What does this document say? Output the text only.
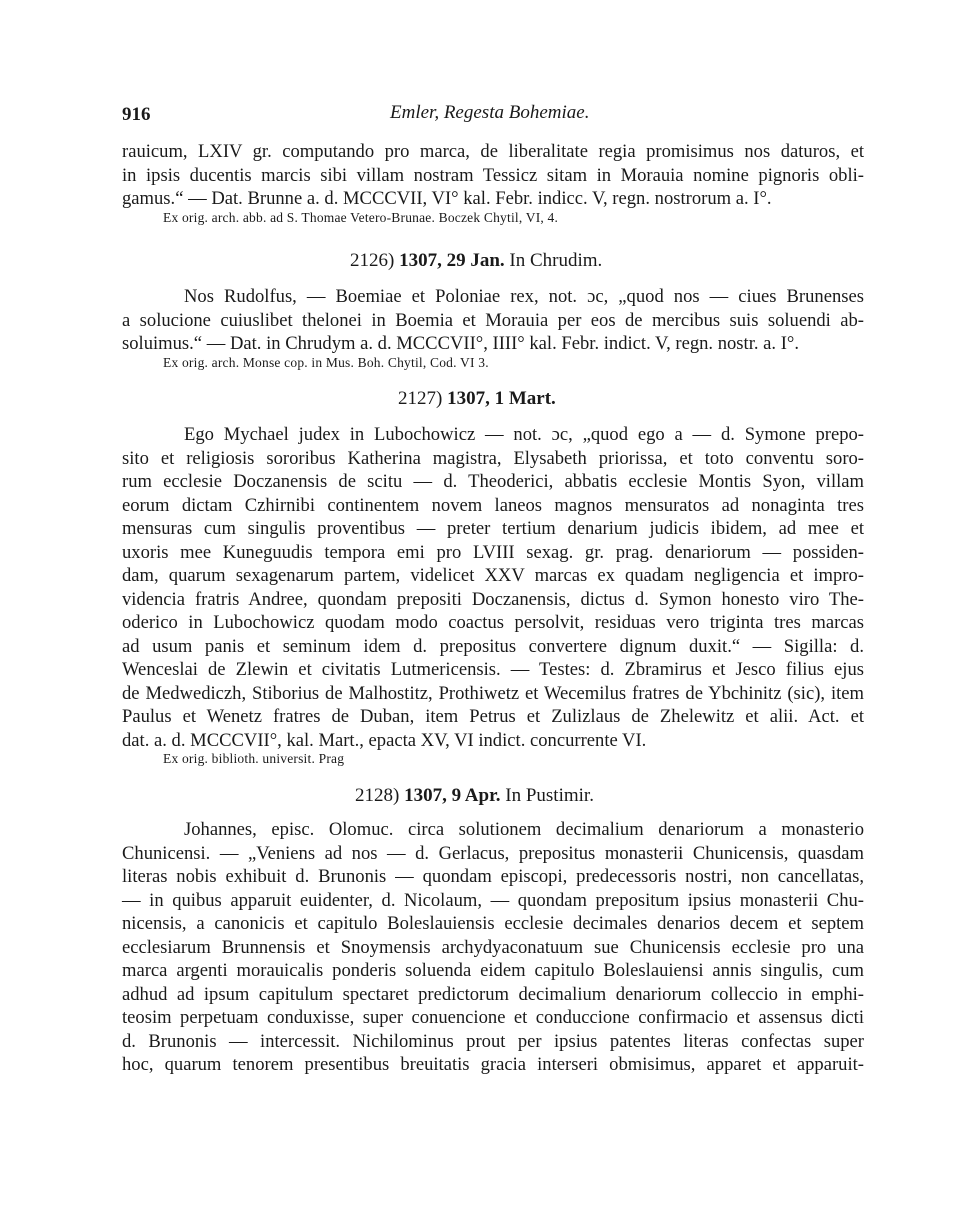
916	Emler, Regesta Bohemiae.
rauicum, LXIV gr. computando pro marca, de liberalitate regia promisimus nos daturos, et
in ipsis ducentis marcis sibi villam nostram Tessicz sitam in Morauia nomine pignoris obli-
gamus.“ — Dat. Brunne a. d. MCCCVII, VI° kal. Febr. indicc. V, regn. nostrorum a. I°.
Ex orig. arch. abb. ad S. Thomae Vetero-Brunae. Boczek Chytil, VI, 4.
2126) 1307, 29 Jan. In Chrudim.
Nos Rudolfus, — Boemiae et Poloniae rex, not. ɔc, „quod nos — ciues Brunenses
a solucione cuiuslibet thelonei in Boemia et Morauia per eos de mercibus suis soluendi ab-
soluimus.“ — Dat. in Chrudym a. d. MCCCVII°, IIII° kal. Febr. indict. V, regn. nostr. a. I°.
Ex orig. arch. Monse cop. in Mus. Boh. Chytil, Cod. VI 3.
2127) 1307, 1 Mart.
Ego Mychael judex in Lubochowicz — not. ɔc, „quod ego a — d. Symone prepo-
sito et religiosis sororibus Katherina magistra, Elysabeth priorissa, et toto conventu soro-
rum ecclesie Doczanensis de scitu — d. Theoderici, abbatis ecclesie Montis Syon, villam
eorum dictam Czhirnibi continentem novem laneos magnos mensuratos ad nonaginta tres
mensuras cum singulis proventibus — preter tertium denarium judicis ibidem, ad mee et
uxoris mee Kuneguudis tempora emi pro LVIII sexag. gr. prag. denariorum — possiden-
dam, quarum sexagenarum partem, videlicet XXV marcas ex quadam negligencia et impro-
videncia fratris Andree, quondam prepositi Doczanensis, dictus d. Symon honesto viro The-
oderico in Lubochowicz quodam modo coactus persolvit, residuas vero triginta tres marcas
ad usum panis et seminum idem d. prepositus convertere dignum duxit.“ — Sigilla: d.
Wenceslai de Zlewin et civitatis Lutmericensis. — Testes: d. Zbramirus et Jesco filius ejus
de Medwediczh, Stiborius de Malhostitz, Prothiwetz et Wecemilus fratres de Ybchinitz (sic), item
Paulus et Wenetz fratres de Duban, item Petrus et Zulizlaus de Zhelewitz et alii. Act. et
dat. a. d. MCCCVII°, kal. Mart., epacta XV, VI indict. concurrente VI.
Ex orig. biblioth. universit. Prag
2128) 1307, 9 Apr. In Pustimir.
Johannes, episc. Olomuc. circa solutionem decimalium denariorum a monasterio
Chunicensi. — „Veniens ad nos — d. Gerlacus, prepositus monasterii Chunicensis, quasdam
literas nobis exhibuit d. Brunonis — quondam episcopi, predecessoris nostri, non cancellatas,
— in quibus apparuit euidenter, d. Nicolaum, — quondam prepositum ipsius monasterii Chu-
nicensis, a canonicis et capitulo Boleslauiensis ecclesie decimales denarios decem et septem
ecclesiarum Brunnensis et Snoymensis archydyaconatuum sue Chunicensis ecclesie pro una
marca argenti morauicalis ponderis soluenda eidem capitulo Boleslauiensi annis singulis, cum
adhud ad ipsum capitulum spectaret predictorum decimalium denariorum colleccio in emphi-
teosim perpetuam conduxisse, super conuencione et conduccione confirmacio et assensus dicti
d. Brunonis — intercessit. Nichilominus prout per ipsius patentes literas confectas super
hoc, quarum tenorem presentibus breuitatis gracia interseri obmisimus, apparet et apparuit-
